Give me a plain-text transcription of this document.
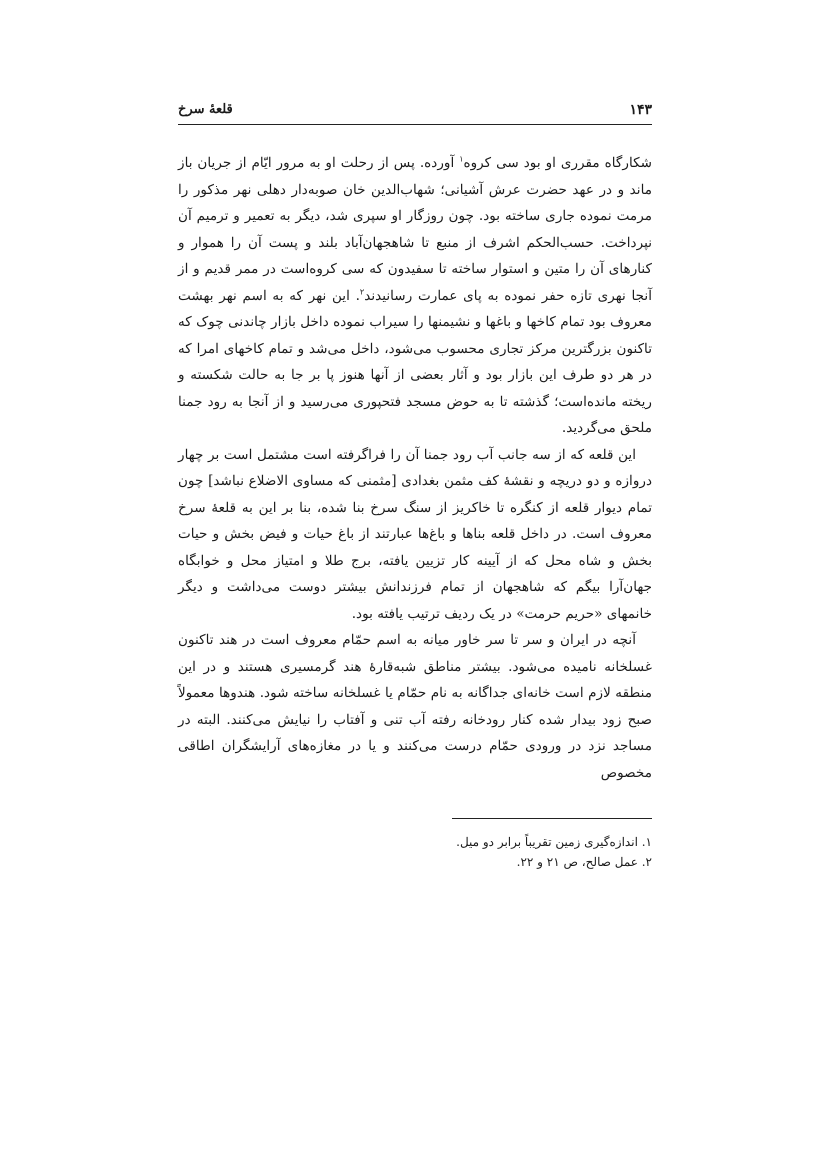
۱۴۳
قلعهٔ سرخ

شکارگاه مقرری او بود سی کروه$^۱$ آورده. پس از رحلت او به مرور ایّام از جریان باز ماند و در عهد حضرت عرش آشیانی؛ شهاب‌الدین خان صوبه‌دار دهلی نهر مذکور را مرمت نموده جاری ساخته بود. چون روزگار او سپری شد، دیگر به تعمیر و ترمیم آن نپرداخت. حسب‌الحکم اشرف از منبع تا شاهجهان‌آباد بلند و پست آن را هموار و کنارهای آن را متین و استوار ساخته تا سفیدون که سی کروه‌است در ممر قدیم و از آنجا نهری تازه حفر نموده به پای عمارت رسانیدند$^۲$. این نهر که به اسم نهر بهشت معروف بود تمام کاخها و باغها و نشیمنها را سیراب نموده داخل بازار چاندنی چوک که تاکنون بزرگترین مرکز تجاری محسوب می‌شود، داخل می‌شد و تمام کاخهای امرا که در هر دو طرف این بازار بود و آثار بعضی از آنها هنوز پا بر جا به حالت شکسته و ریخته مانده‌است؛ گذشته تا به حوض مسجد فتحپوری می‌رسید و از آنجا به رود جمنا ملحق می‌گردید.

این قلعه که از سه جانب آب رود جمنا آن را فراگرفته است مشتمل است بر چهار دروازه و دو دریچه و نقشهٔ کف مثمن بغدادی [مثمنی که مساوی الاضلاع نباشد] چون تمام دیوار قلعه از کنگره تا خاکریز از سنگ سرخ بنا شده، بنا بر این به قلعهٔ سرخ معروف است. در داخل قلعه بناها و باغ‌ها عبارتند از باغ حیات و فیض بخش و حیات بخش و شاه محل که از آیینه کار تزیین یافته، برج طلا و امتیاز محل و خوابگاه جهان‌آرا بیگم که شاهجهان از تمام فرزندانش بیشتر دوست می‌داشت و دیگر خانمهای «حریم حرمت» در یک ردیف ترتیب یافته بود.

آنچه در ایران و سر تا سر خاور میانه به اسم حمّام معروف است در هند تاکنون غسلخانه نامیده می‌شود. بیشتر مناطق شبه‌قارهٔ هند گرمسیری هستند و در این منطقه لازم است خانه‌ای جداگانه به نام حمّام یا غسلخانه ساخته شود. هندوها معمولاً صبح زود بیدار شده کنار رودخانه رفته آب تنی و آفتاب را نیایش می‌کنند. البته در مساجد نزد در ورودی حمّام درست می‌کنند و یا در مغازه‌های آرایشگران اطاقی مخصوص

۱. اندازه‌گیری زمین تقریباً برابر دو میل.

۲. عمل صالح، ص ۲۱ و ۲۲.
